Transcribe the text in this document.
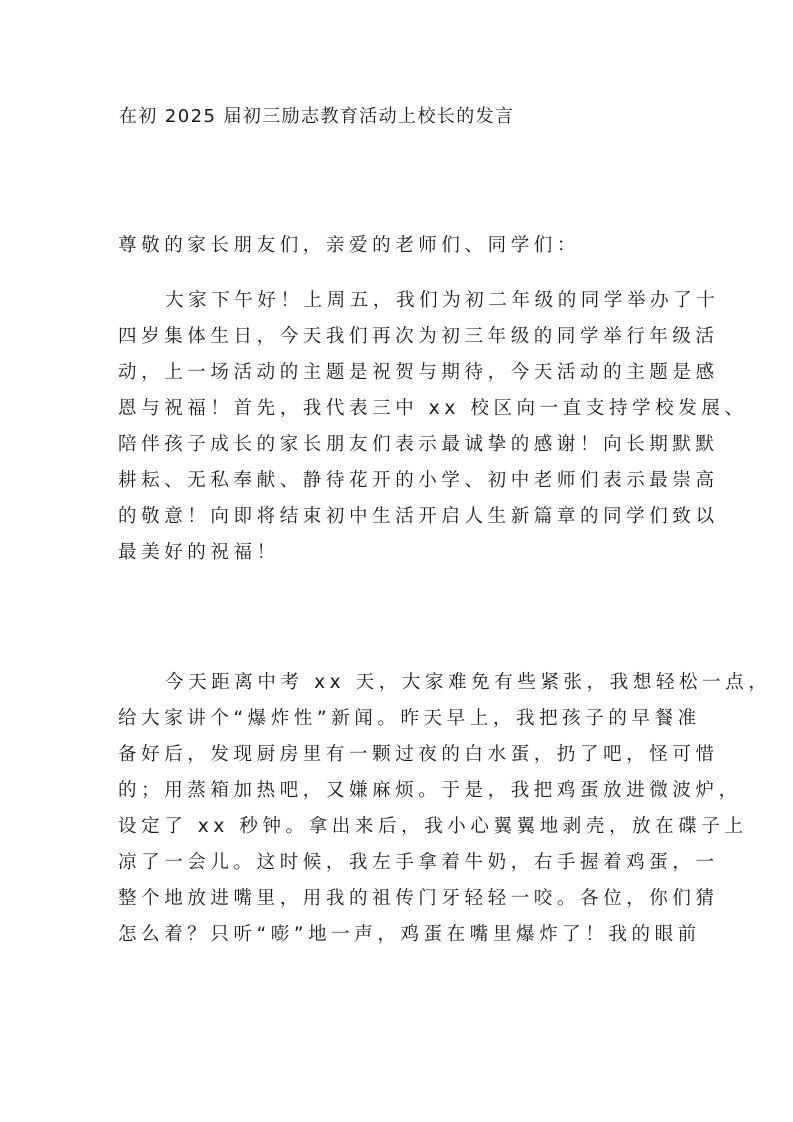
在初 2025 届初三励志教育活动上校长的发言
尊敬的家长朋友们，亲爱的老师们、同学们：
大家下午好！上周五，我们为初二年级的同学举办了十
四岁集体生日，今天我们再次为初三年级的同学举行年级活
动，上一场活动的主题是祝贺与期待，今天活动的主题是感
恩与祝福！首先，我代表三中 xx 校区向一直支持学校发展、
陪伴孩子成长的家长朋友们表示最诚挚的感谢！向长期默默
耕耘、无私奉献、静待花开的小学、初中老师们表示最崇高
的敬意！向即将结束初中生活开启人生新篇章的同学们致以
最美好的祝福！
今天距离中考 xx 天，大家难免有些紧张，我想轻松一点，
给大家讲个“爆炸性”新闻。昨天早上，我把孩子的早餐准
备好后，发现厨房里有一颗过夜的白水蛋，扔了吧，怪可惜
的；用蒸箱加热吧，又嫌麻烦。于是，我把鸡蛋放进微波炉，
设定了 xx 秒钟。拿出来后，我小心翼翼地剥壳，放在碟子上
凉了一会儿。这时候，我左手拿着牛奶，右手握着鸡蛋，一
整个地放进嘴里，用我的祖传门牙轻轻一咬。各位，你们猜
怎么着？只听“嘭”地一声，鸡蛋在嘴里爆炸了！我的眼前
